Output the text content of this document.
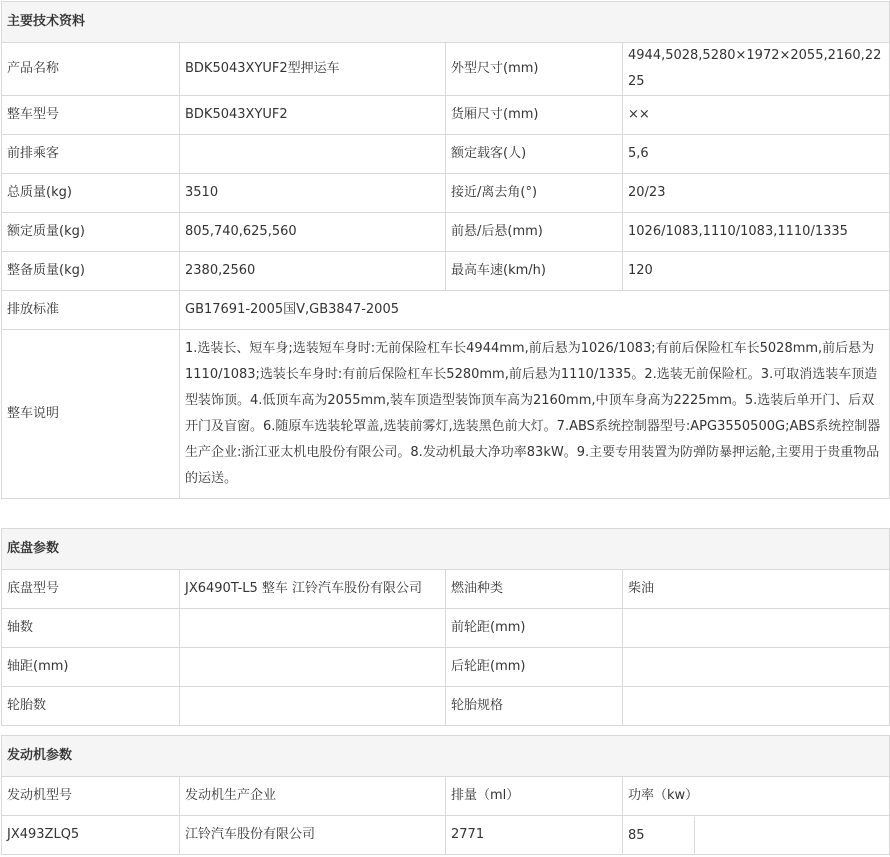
主要技术资料			
产品名称	BDK5043XYUF2型押运车	外型尺寸(mm)	4944,5028,5280×1972×2055,2160,2225
整车型号	BDK5043XYUF2	货厢尺寸(mm)	××
前排乘客		额定载客(人)	5,6
总质量(kg)	3510	接近/离去角(°)	20/23
额定质量(kg)	805,740,625,560	前悬/后悬(mm)	1026/1083,1110/1083,1110/1335
整备质量(kg)	2380,2560	最高车速(km/h)	120
排放标准	GB17691-2005国Ⅴ,GB3847-2005		
整车说明	1.选装长、短车身;选装短车身时:无前保险杠车长4944mm,前后悬为1026/1083;有前后保险杠车长5028mm,前后悬为1110/1083;选装长车身时:有前后保险杠车长5280mm,前后悬为1110/1335。2.选装无前保险杠。3.可取消选装车顶造型装饰顶。4.低顶车高为2055mm,装车顶造型装饰顶车高为2160mm,中顶车身高为2225mm。5.选装后单开门、后双开门及盲窗。6.随原车选装轮罩盖,选装前雾灯,选装黑色前大灯。7.ABS系统控制器型号:APG3550500G;ABS系统控制器生产企业:浙江亚太机电股份有限公司。8.发动机最大净功率83kW。9.主要专用装置为防弹防暴押运舱,主要用于贵重物品的运送。		
底盘参数			
底盘型号	JX6490T-L5 整车 江铃汽车股份有限公司	燃油种类	柴油
轴数		前轮距(mm)	
轴距(mm)		后轮距(mm)	
轮胎数		轮胎规格	
发动机参数			
发动机型号	发动机生产企业	排量（ml）	功率（kw）
JX493ZLQ5	江铃汽车股份有限公司	2771	85
